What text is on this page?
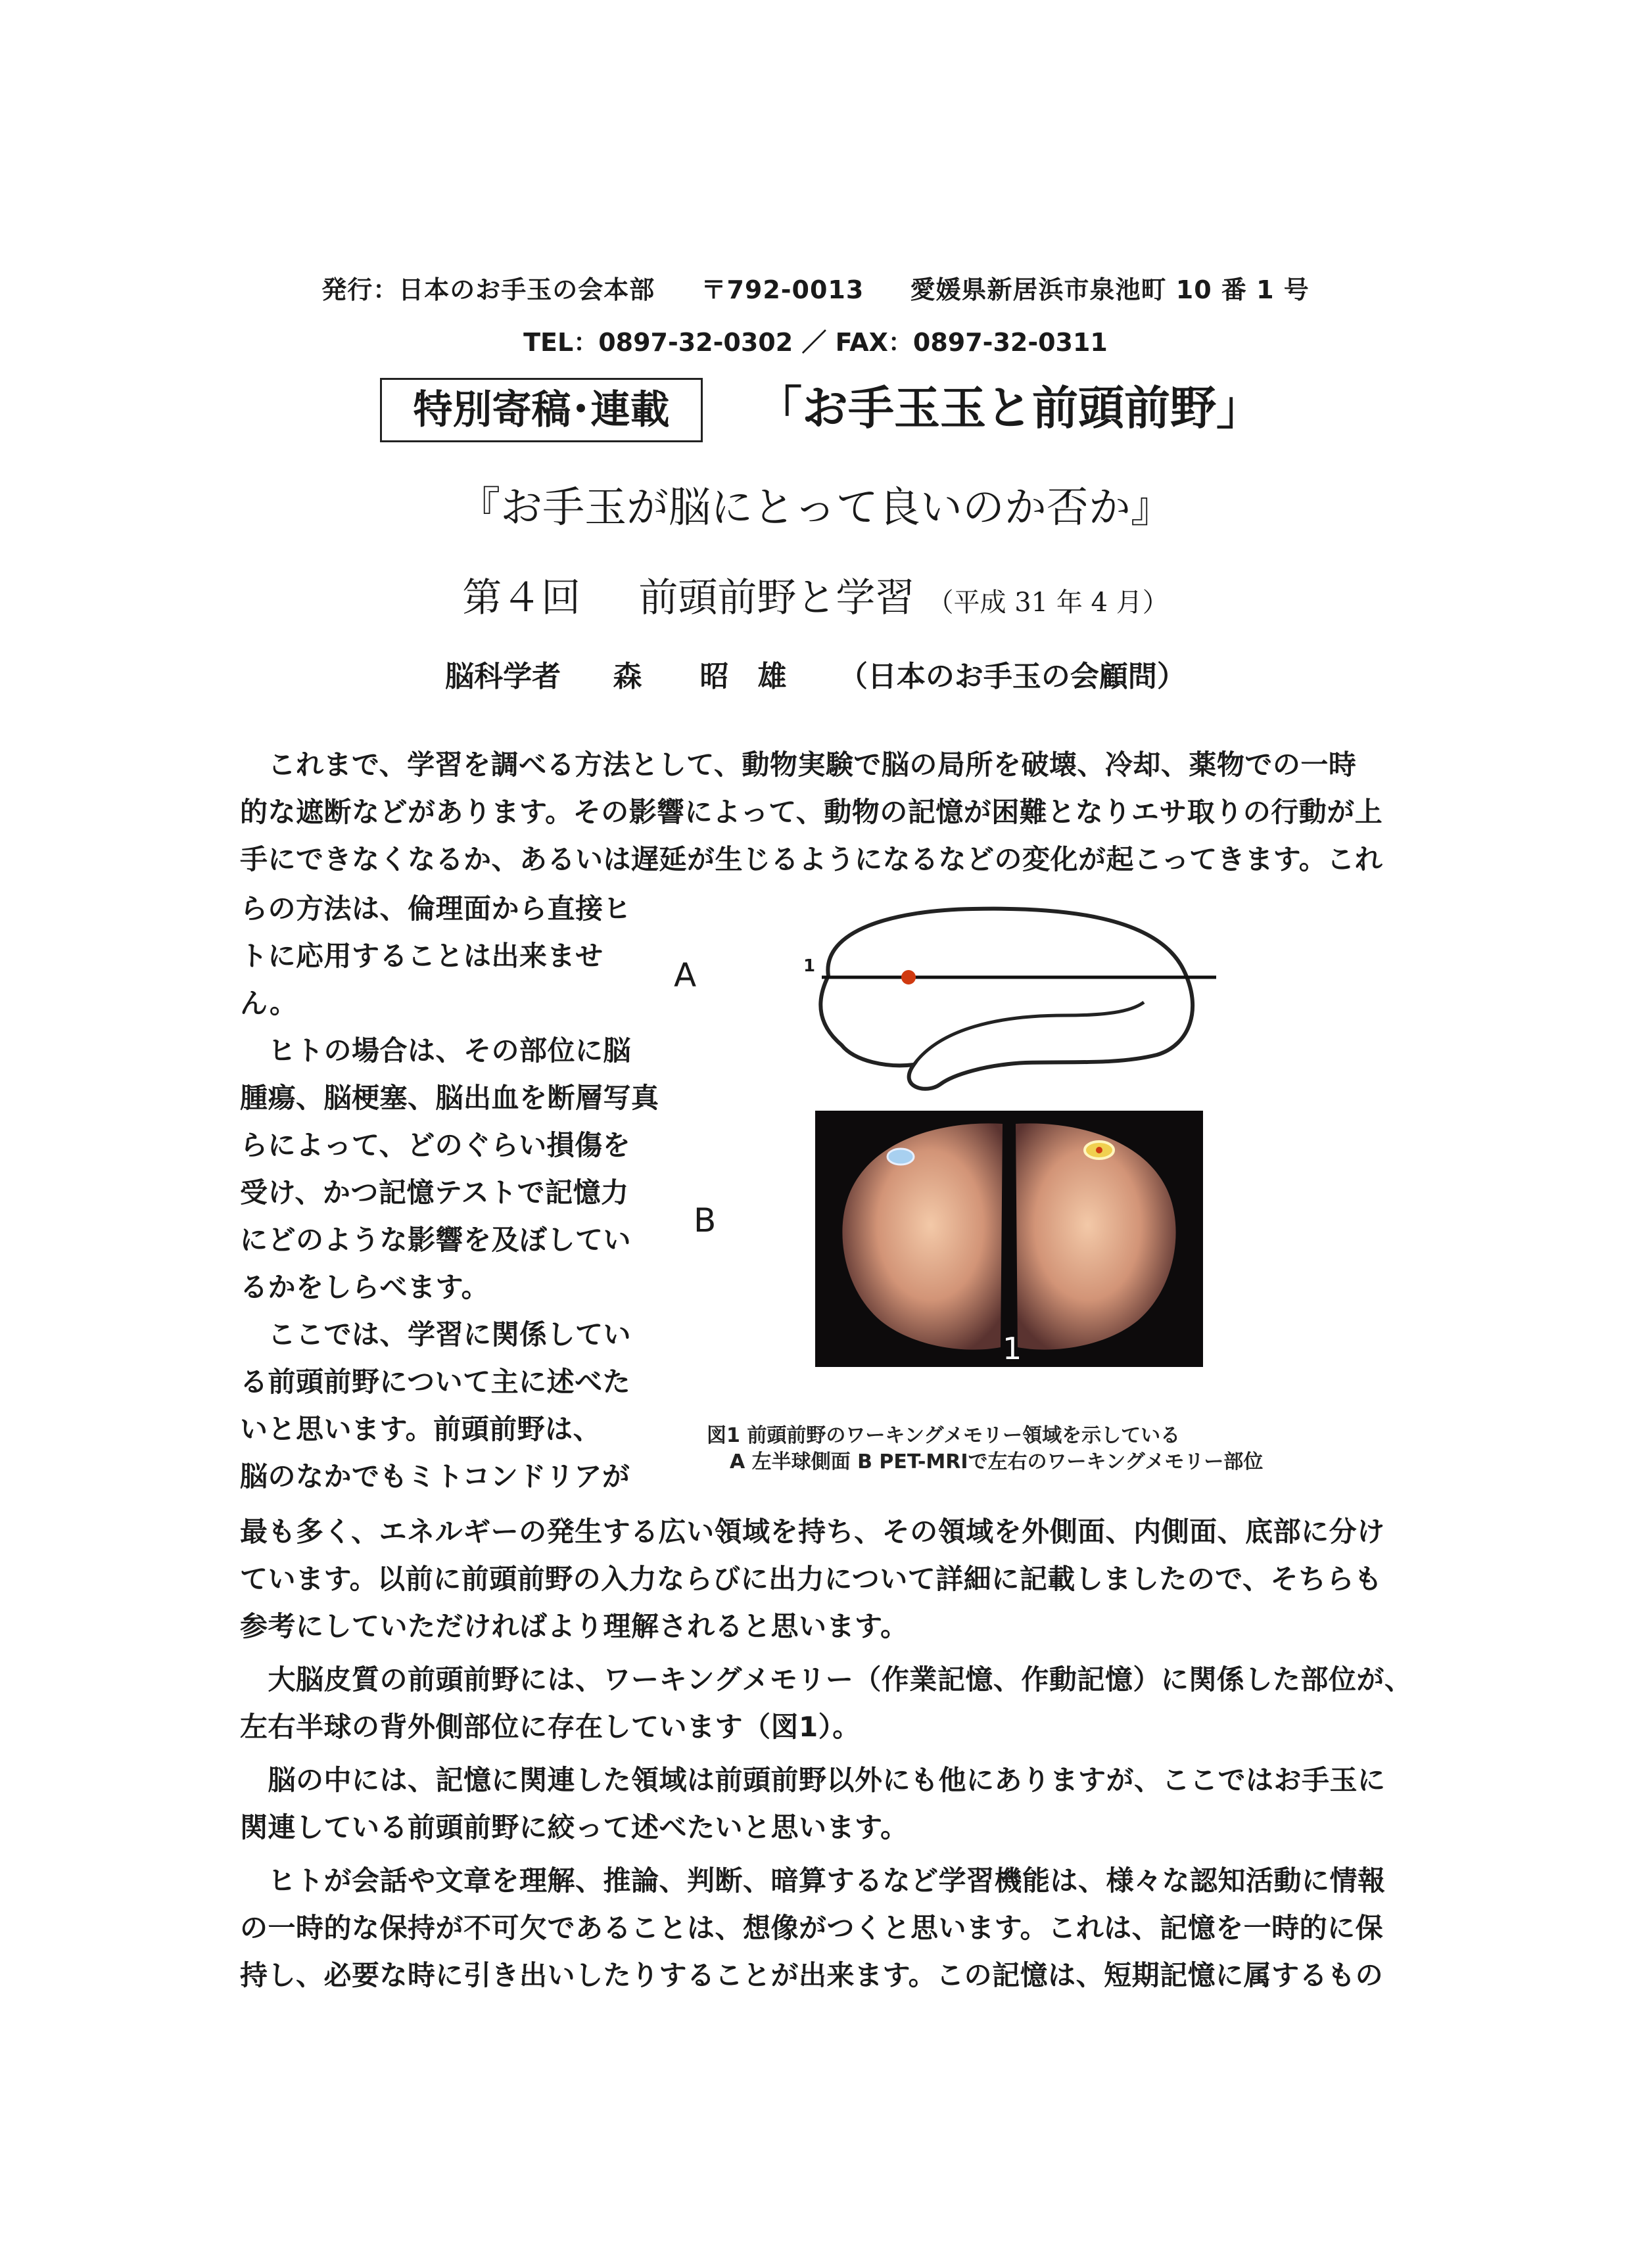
発行：日本のお手玉の会本部 〒792-0013 愛媛県新居浜市泉池町 10 番 1 号
TEL：0897-32-0302 ／ FAX：0897-32-0311
特別寄稿･連載	「お手玉玉と前頭前野」
『お手玉が脳にとって良いのか否か』
第４回 前頭前野と学習 （平成 31 年 4 月）
脳科学者 森　　昭　雄 （日本のお手玉の会顧問）
　これまで、学習を調べる方法として、動物実験で脳の局所を破壊、冷却、薬物での一時
的な遮断などがあります。その影響によって、動物の記憶が困難となりエサ取りの行動が上
手にできなくなるか、あるいは遅延が生じるようになるなどの変化が起こってきます。これ
らの方法は、倫理面から直接ヒ
トに応用することは出来ませ
ん。
　ヒトの場合は、その部位に脳
腫瘍、脳梗塞、脳出血を断層写真
らによって、どのぐらい損傷を
受け、かつ記憶テストで記憶力
にどのような影響を及ぼしてい
るかをしらべます。
　ここでは、学習に関係してい
る前頭前野について主に述べた
いと思います。前頭前野は、
脳のなかでもミトコンドリアが
A
B
1
1
図1 前頭前野のワーキングメモリー領域を示している
A 左半球側面 B PET-MRIで左右のワーキングメモリー部位
最も多く、エネルギーの発生する広い領域を持ち、その領域を外側面、内側面、底部に分け
ています。以前に前頭前野の入力ならびに出力について詳細に記載しましたので、そちらも
参考にしていただければより理解されると思います。
　大脳皮質の前頭前野には、ワーキングメモリー（作業記憶、作動記憶）に関係した部位が、
左右半球の背外側部位に存在しています（図1）。
　脳の中には、記憶に関連した領域は前頭前野以外にも他にありますが、ここではお手玉に
関連している前頭前野に絞って述べたいと思います。
　ヒトが会話や文章を理解、推論、判断、暗算するなど学習機能は、様々な認知活動に情報
の一時的な保持が不可欠であることは、想像がつくと思います。これは、記憶を一時的に保
持し、必要な時に引き出いしたりすることが出来ます。この記憶は、短期記憶に属するもの
